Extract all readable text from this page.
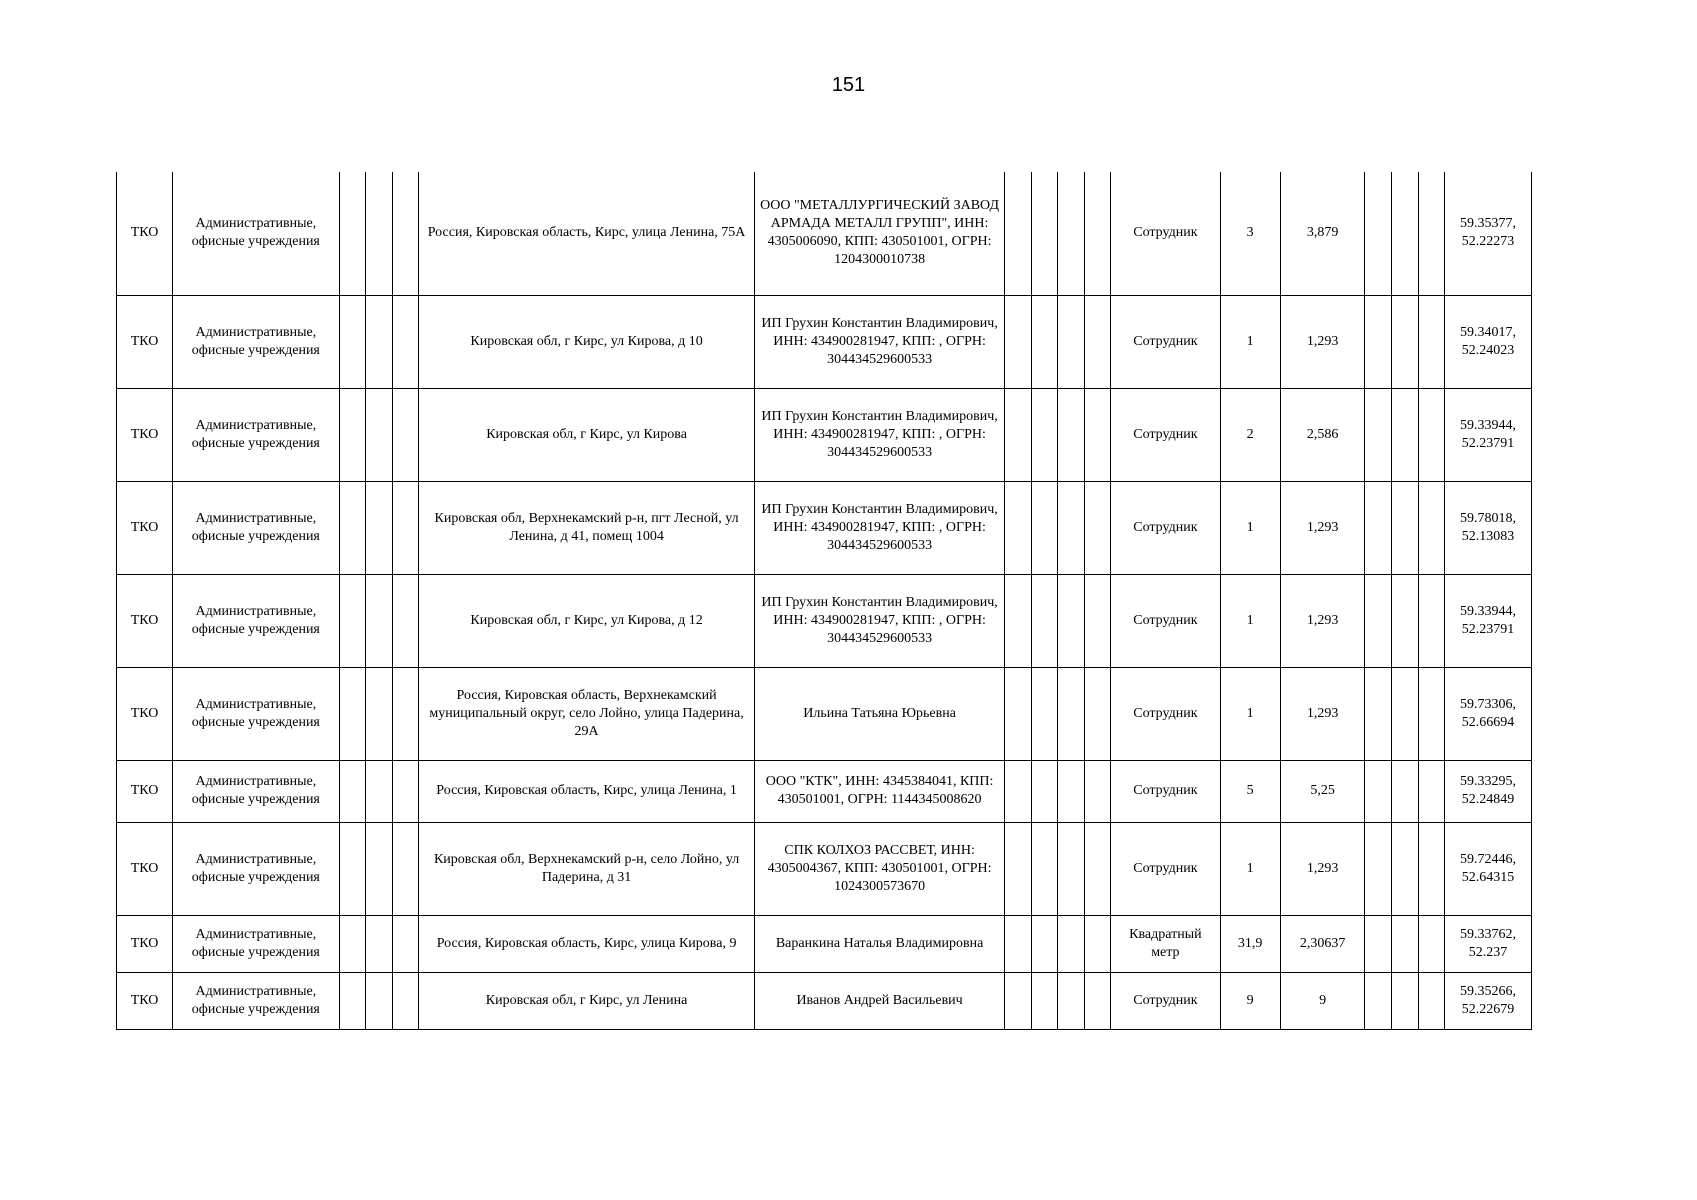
151
ТКО	Административные, офисные учреждения				Россия, Кировская область, Кирс, улица Ленина, 75А	ООО "МЕТАЛЛУРГИЧЕСКИЙ ЗАВОД АРМАДА МЕТАЛЛ ГРУПП", ИНН: 4305006090, КПП: 430501001, ОГРН: 1204300010738					Сотрудник	3	3,879				59.35377, 52.22273
ТКО	Административные, офисные учреждения				Кировская обл, г Кирс, ул Кирова, д 10	ИП Грухин Константин Владимирович, ИНН: 434900281947, КПП: , ОГРН: 304434529600533					Сотрудник	1	1,293				59.34017, 52.24023
ТКО	Административные, офисные учреждения				Кировская обл, г Кирс, ул Кирова	ИП Грухин Константин Владимирович, ИНН: 434900281947, КПП: , ОГРН: 304434529600533					Сотрудник	2	2,586				59.33944, 52.23791
ТКО	Административные, офисные учреждения				Кировская обл, Верхнекамский р-н, пгт Лесной, ул Ленина, д 41, помещ 1004	ИП Грухин Константин Владимирович, ИНН: 434900281947, КПП: , ОГРН: 304434529600533					Сотрудник	1	1,293				59.78018, 52.13083
ТКО	Административные, офисные учреждения				Кировская обл, г Кирс, ул Кирова, д 12	ИП Грухин Константин Владимирович, ИНН: 434900281947, КПП: , ОГРН: 304434529600533					Сотрудник	1	1,293				59.33944, 52.23791
ТКО	Административные, офисные учреждения				Россия, Кировская область, Верхнекамский муниципальный округ, село Лойно, улица Падерина, 29А	Ильина Татьяна Юрьевна					Сотрудник	1	1,293				59.73306, 52.66694
ТКО	Административные, офисные учреждения				Россия, Кировская область, Кирс, улица Ленина, 1	ООО "КТК", ИНН: 4345384041, КПП: 430501001, ОГРН: 1144345008620					Сотрудник	5	5,25				59.33295, 52.24849
ТКО	Административные, офисные учреждения				Кировская обл, Верхнекамский р-н, село Лойно, ул Падерина, д 31	СПК КОЛХОЗ РАССВЕТ, ИНН: 4305004367, КПП: 430501001, ОГРН: 1024300573670					Сотрудник	1	1,293				59.72446, 52.64315
ТКО	Административные, офисные учреждения				Россия, Кировская область, Кирс, улица Кирова, 9	Варанкина Наталья Владимировна					Квадратный метр	31,9	2,30637				59.33762, 52.237
ТКО	Административные, офисные учреждения				Кировская обл, г Кирс, ул Ленина	Иванов Андрей Васильевич					Сотрудник	9	9				59.35266, 52.22679
